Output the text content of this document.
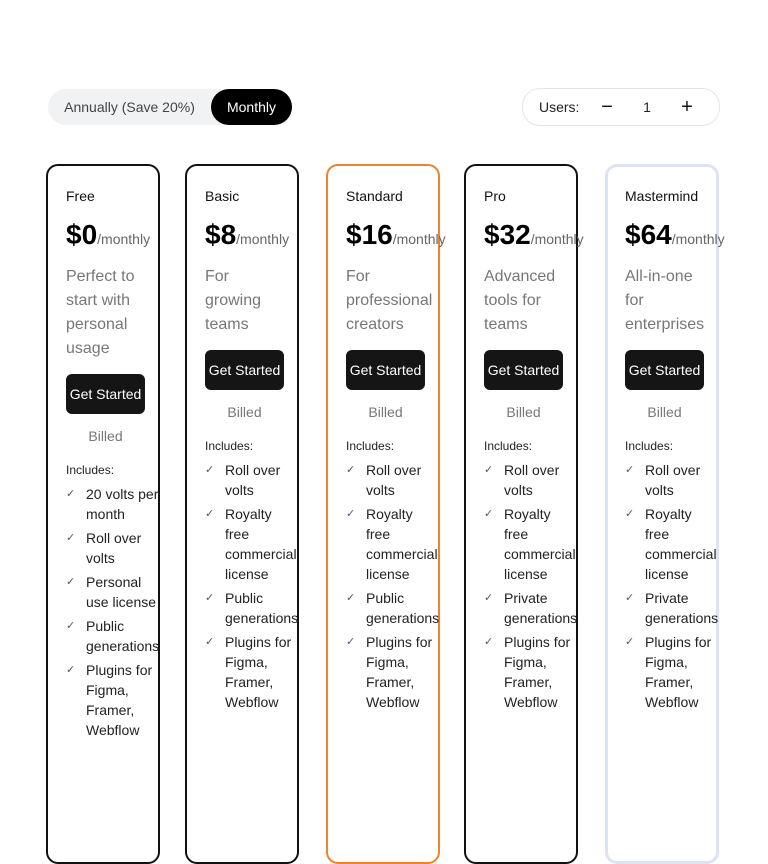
Annually (Save 20%)	Monthly	Users:	−	1	+
Free
$0/monthly
Perfect to start with personal usage
Get Started
Billed
Includes:
✓ 20 volts per month
✓ Roll over volts
✓ Personal use license
✓ Public generations
✓ Plugins for Figma, Framer, Webflow
Basic
$8/monthly
For growing teams
Get Started
Billed
Includes:
✓ Roll over volts
✓ Royalty free commercial license
✓ Public generations
✓ Plugins for Figma, Framer, Webflow
Standard
$16/monthly
For professional creators
Get Started
Billed
Includes:
✓ Roll over volts
✓ Royalty free commercial license
✓ Public generations
✓ Plugins for Figma, Framer, Webflow
Pro
$32/monthly
Advanced tools for teams
Get Started
Billed
Includes:
✓ Roll over volts
✓ Royalty free commercial license
✓ Private generations
✓ Plugins for Figma, Framer, Webflow
Mastermind
$64/monthly
All-in-one for enterprises
Get Started
Billed
Includes:
✓ Roll over volts
✓ Royalty free commercial license
✓ Private generations
✓ Plugins for Figma, Framer, Webflow
